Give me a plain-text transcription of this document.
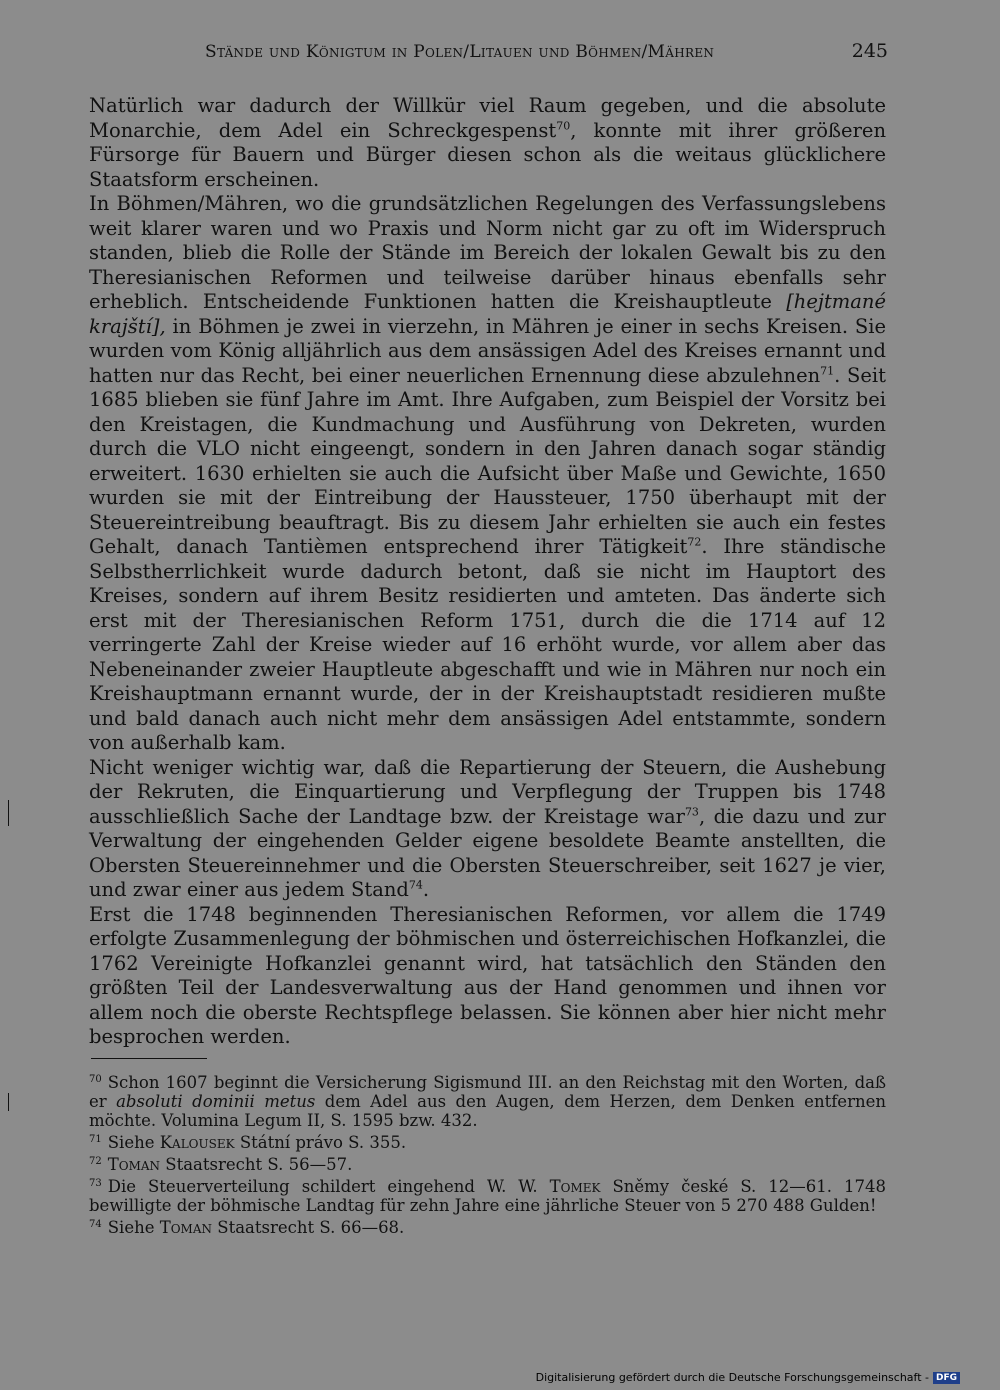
Stände und Königtum in Polen/Litauen und Böhmen/Mähren	245

Natürlich war dadurch der Willkür viel Raum gegeben, und die absolute Monarchie, dem Adel ein Schreckgespenst$^{70}$, konnte mit ihrer größeren Fürsorge für Bauern und Bürger diesen schon als die weitaus glücklichere Staatsform erscheinen.

In Böhmen/Mähren, wo die grundsätzlichen Regelungen des Verfassungslebens weit klarer waren und wo Praxis und Norm nicht gar zu oft im Widerspruch standen, blieb die Rolle der Stände im Bereich der lokalen Gewalt bis zu den Theresianischen Reformen und teilweise darüber hinaus ebenfalls sehr erheblich. Entscheidende Funktionen hatten die Kreishauptleute [hejtmané krajští], in Böhmen je zwei in vierzehn, in Mähren je einer in sechs Kreisen. Sie wurden vom König alljährlich aus dem ansässigen Adel des Kreises ernannt und hatten nur das Recht, bei einer neuerlichen Ernennung diese abzulehnen$^{71}$. Seit 1685 blieben sie fünf Jahre im Amt. Ihre Aufgaben, zum Beispiel der Vorsitz bei den Kreistagen, die Kundmachung und Ausführung von Dekreten, wurden durch die VLO nicht eingeengt, sondern in den Jahren danach sogar ständig erweitert. 1630 erhielten sie auch die Aufsicht über Maße und Gewichte, 1650 wurden sie mit der Eintreibung der Haussteuer, 1750 überhaupt mit der Steuereintreibung beauftragt. Bis zu diesem Jahr erhielten sie auch ein festes Gehalt, danach Tantièmen entsprechend ihrer Tätigkeit$^{72}$. Ihre ständische Selbstherrlichkeit wurde dadurch betont, daß sie nicht im Hauptort des Kreises, sondern auf ihrem Besitz residierten und amteten. Das änderte sich erst mit der Theresianischen Reform 1751, durch die die 1714 auf 12 verringerte Zahl der Kreise wieder auf 16 erhöht wurde, vor allem aber das Nebeneinander zweier Hauptleute abgeschafft und wie in Mähren nur noch ein Kreishauptmann ernannt wurde, der in der Kreishauptstadt residieren mußte und bald danach auch nicht mehr dem ansässigen Adel entstammte, sondern von außerhalb kam.

Nicht weniger wichtig war, daß die Repartierung der Steuern, die Aushebung der Rekruten, die Einquartierung und Verpflegung der Truppen bis 1748 ausschließlich Sache der Landtage bzw. der Kreistage war$^{73}$, die dazu und zur Verwaltung der eingehenden Gelder eigene besoldete Beamte anstellten, die Obersten Steuereinnehmer und die Obersten Steuerschreiber, seit 1627 je vier, und zwar einer aus jedem Stand$^{74}$.

Erst die 1748 beginnenden Theresianischen Reformen, vor allem die 1749 erfolgte Zusammenlegung der böhmischen und österreichischen Hofkanzlei, die 1762 Vereinigte Hofkanzlei genannt wird, hat tatsächlich den Ständen den größten Teil der Landesverwaltung aus der Hand genommen und ihnen vor allem noch die oberste Rechtspflege belassen. Sie können aber hier nicht mehr besprochen werden.

$^{70}$ Schon 1607 beginnt die Versicherung Sigismund III. an den Reichstag mit den Worten, daß er absoluti dominii metus dem Adel aus den Augen, dem Herzen, dem Denken entfernen möchte. Volumina Legum II, S. 1595 bzw. 432.

$^{71}$ Siehe Kalousek Státní právo S. 355.

$^{72}$ Toman Staatsrecht S. 56—57.

$^{73}$ Die Steuerverteilung schildert eingehend W. W. Tomek Sněmy české S. 12—61. 1748 bewilligte der böhmische Landtag für zehn Jahre eine jährliche Steuer von 5 270 488 Gulden!

$^{74}$ Siehe Toman Staatsrecht S. 66—68.

Digitalisierung gefördert durch die Deutsche Forschungsgemeinschaft - DFG
